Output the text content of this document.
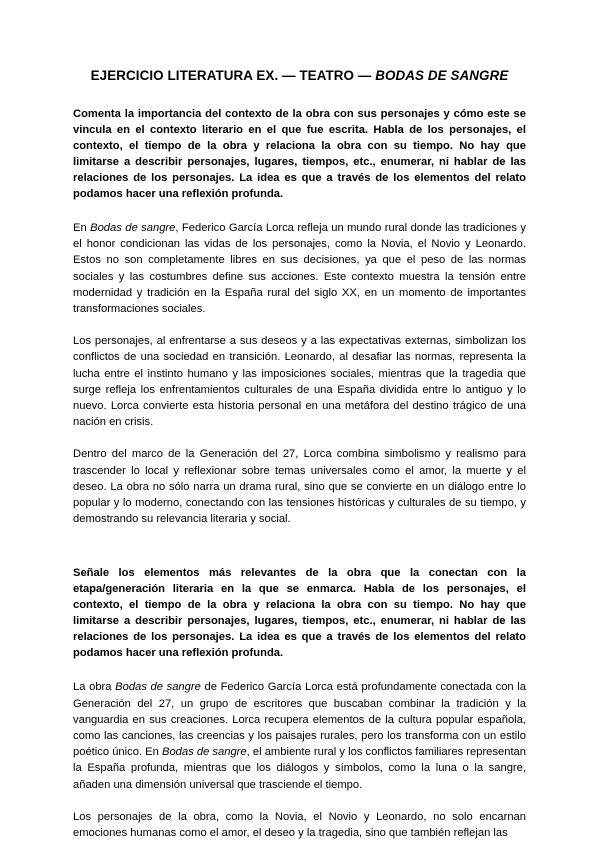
EJERCICIO LITERATURA EX. — TEATRO — BODAS DE SANGRE

Comenta la importancia del contexto de la obra con sus personajes y cómo este se vincula en el contexto literario en el que fue escrita. Habla de los personajes, el contexto, el tiempo de la obra y relaciona la obra con su tiempo. No hay que limitarse a describir personajes, lugares, tiempos, etc., enumerar, ni hablar de las relaciones de los personajes. La idea es que a través de los elementos del relato podamos hacer una reflexión profunda.

En Bodas de sangre, Federico García Lorca refleja un mundo rural donde las tradiciones y el honor condicionan las vidas de los personajes, como la Novia, el Novio y Leonardo. Estos no son completamente libres en sus decisiones, ya que el peso de las normas sociales y las costumbres define sus acciones. Este contexto muestra la tensión entre modernidad y tradición en la España rural del siglo XX, en un momento de importantes transformaciones sociales.

Los personajes, al enfrentarse a sus deseos y a las expectativas externas, simbolizan los conflictos de una sociedad en transición. Leonardo, al desafiar las normas, representa la lucha entre el instinto humano y las imposiciones sociales, mientras que la tragedia que surge refleja los enfrentamientos culturales de una España dividida entre lo antiguo y lo nuevo. Lorca convierte esta historia personal en una metáfora del destino trágico de una nación en crisis.

Dentro del marco de la Generación del 27, Lorca combina simbolismo y realismo para trascender lo local y reflexionar sobre temas universales como el amor, la muerte y el deseo. La obra no sólo narra un drama rural, sino que se convierte en un diálogo entre lo popular y lo moderno, conectando con las tensiones históricas y culturales de su tiempo, y demostrando su relevancia literaria y social.

Señale los elementos más relevantes de la obra que la conectan con la etapa/generación literaria en la que se enmarca. Habla de los personajes, el contexto, el tiempo de la obra y relaciona la obra con su tiempo. No hay que limitarse a describir personajes, lugares, tiempos, etc., enumerar, ni hablar de las relaciones de los personajes. La idea es que a través de los elementos del relato podamos hacer una reflexión profunda.

La obra Bodas de sangre de Federico García Lorca está profundamente conectada con la Generación del 27, un grupo de escritores que buscaban combinar la tradición y la vanguardia en sus creaciones. Lorca recupera elementos de la cultura popular española, como las canciones, las creencias y los paisajes rurales, pero los transforma con un estilo poético único. En Bodas de sangre, el ambiente rural y los conflictos familiares representan la España profunda, mientras que los diálogos y símbolos, como la luna o la sangre, añaden una dimensión universal que trasciende el tiempo.

Los personajes de la obra, como la Novia, el Novio y Leonardo, no solo encarnan emociones humanas como el amor, el deseo y la tragedia, sino que también reflejan las
